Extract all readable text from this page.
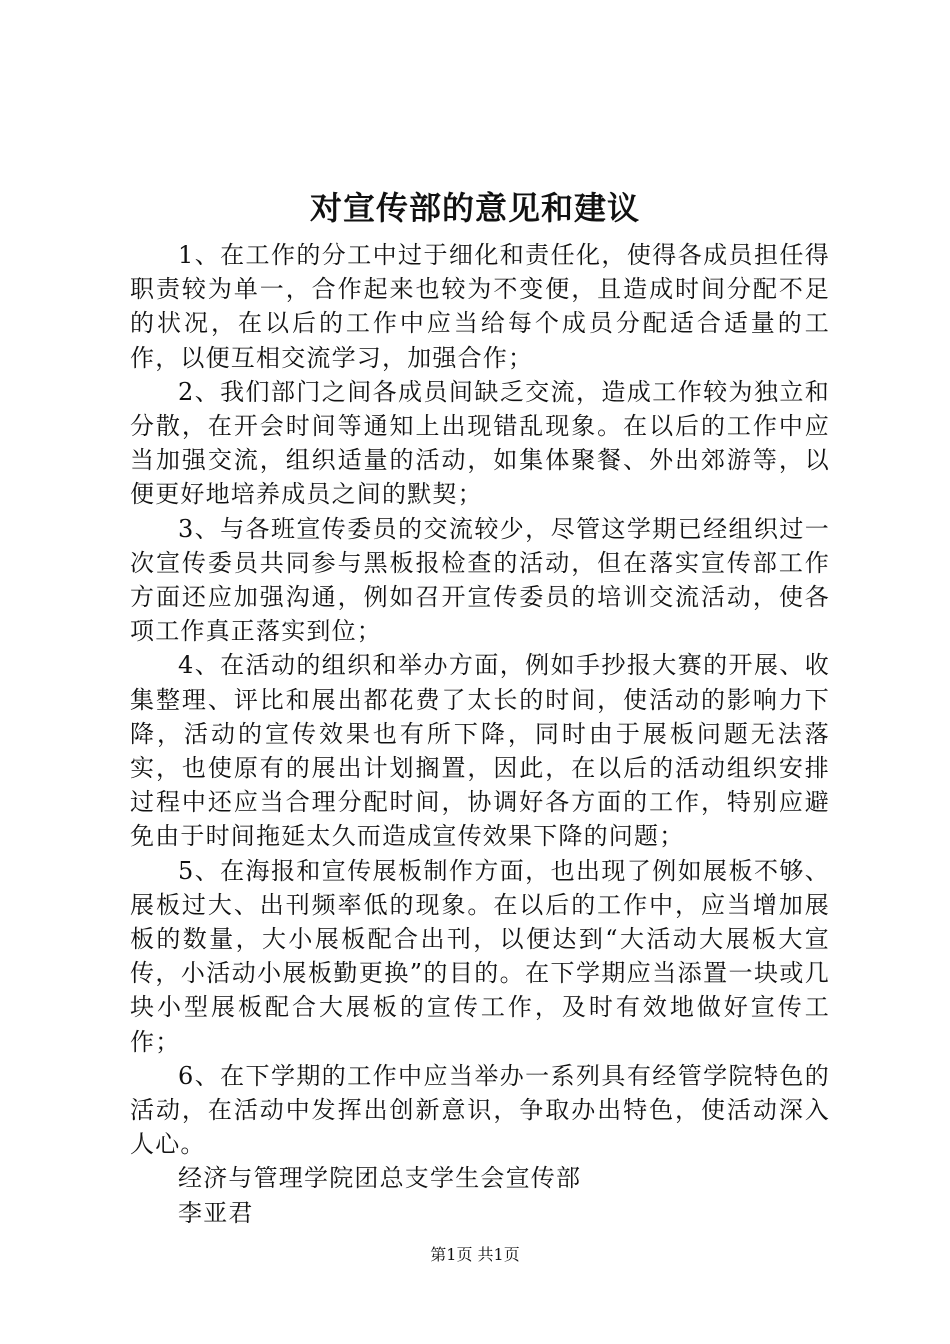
对宣传部的意见和建议

1、在工作的分工中过于细化和责任化，使得各成员担任得职责较为单一，合作起来也较为不变便，且造成时间分配不足的状况，在以后的工作中应当给每个成员分配适合适量的工作，以便互相交流学习，加强合作；

2、我们部门之间各成员间缺乏交流，造成工作较为独立和分散，在开会时间等通知上出现错乱现象。在以后的工作中应当加强交流，组织适量的活动，如集体聚餐、外出郊游等，以便更好地培养成员之间的默契；

3、与各班宣传委员的交流较少，尽管这学期已经组织过一次宣传委员共同参与黑板报检查的活动，但在落实宣传部工作方面还应加强沟通，例如召开宣传委员的培训交流活动，使各项工作真正落实到位；

4、在活动的组织和举办方面，例如手抄报大赛的开展、收集整理、评比和展出都花费了太长的时间，使活动的影响力下降，活动的宣传效果也有所下降，同时由于展板问题无法落实，也使原有的展出计划搁置，因此，在以后的活动组织安排过程中还应当合理分配时间，协调好各方面的工作，特别应避免由于时间拖延太久而造成宣传效果下降的问题；

5、在海报和宣传展板制作方面，也出现了例如展板不够、展板过大、出刊频率低的现象。在以后的工作中，应当增加展板的数量，大小展板配合出刊，以便达到“大活动大展板大宣传，小活动小展板勤更换”的目的。在下学期应当添置一块或几块小型展板配合大展板的宣传工作，及时有效地做好宣传工作；

6、在下学期的工作中应当举办一系列具有经管学院特色的活动，在活动中发挥出创新意识，争取办出特色，使活动深入人心。

经济与管理学院团总支学生会宣传部

李亚君

第1页 共1页
